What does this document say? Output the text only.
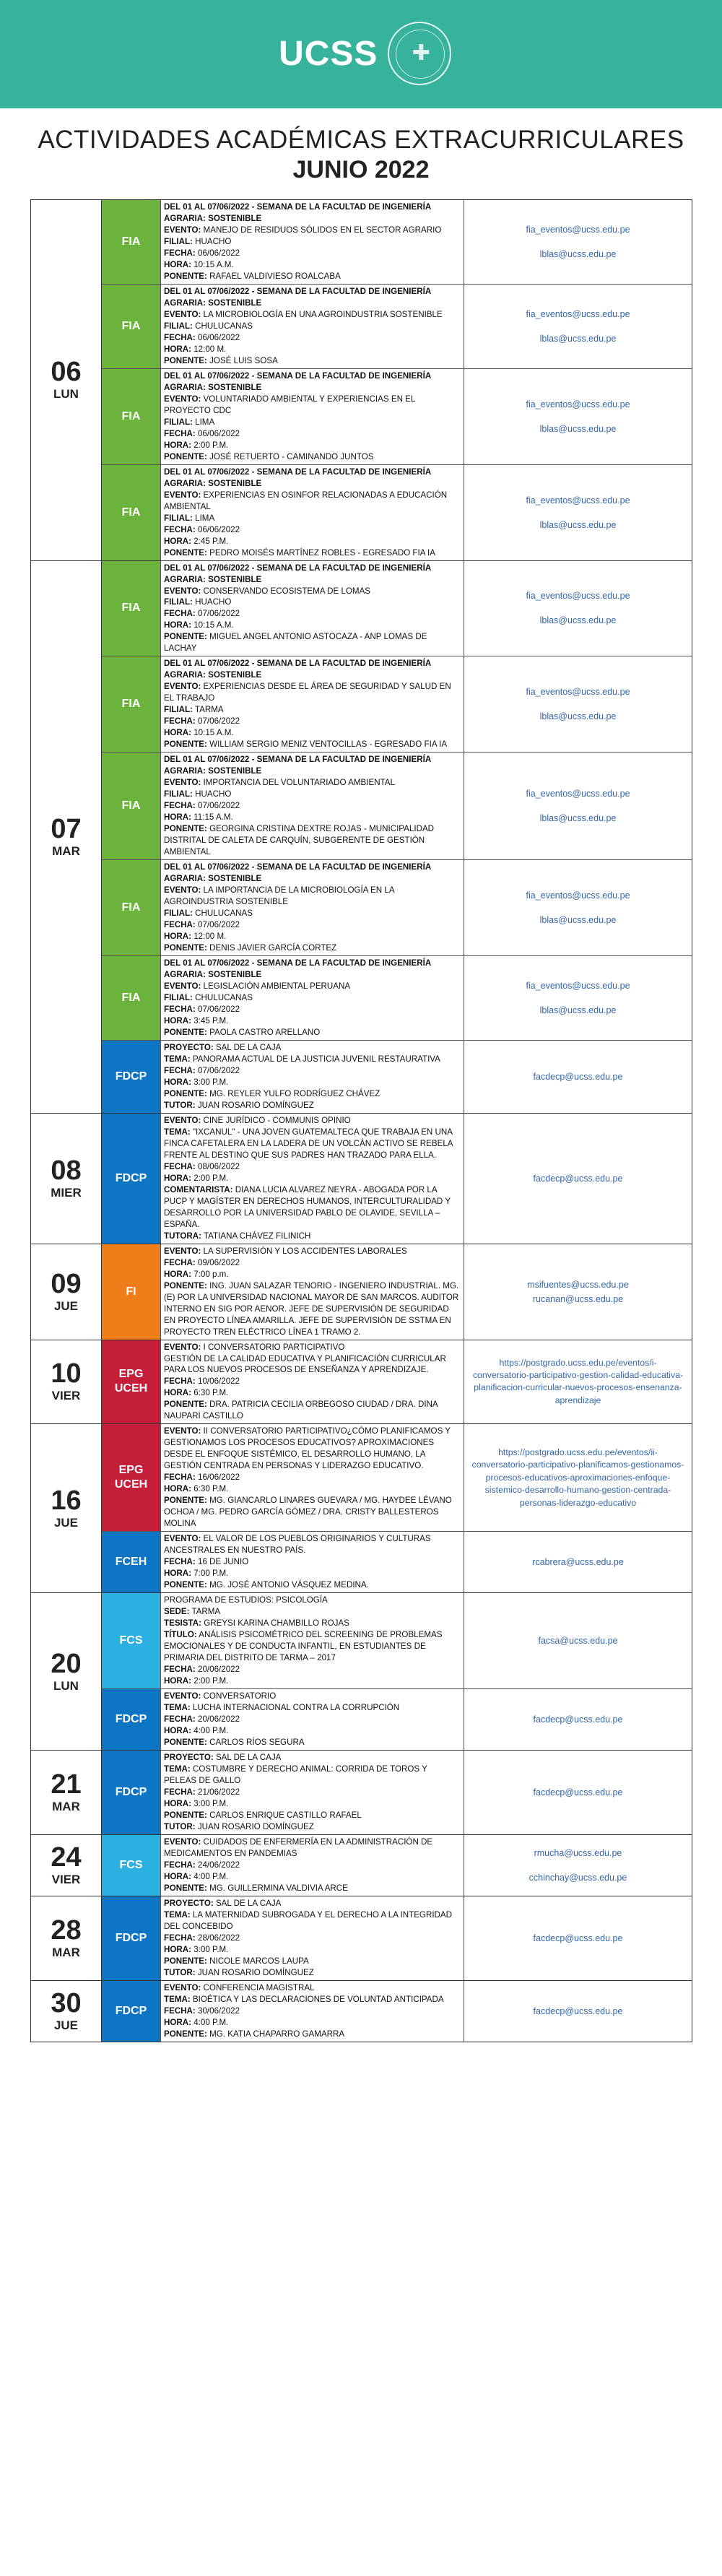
UCSS
✚
ACTIVIDADES ACADÉMICAS EXTRACURRICULARES
JUNIO 2022
06
LUN
FIA
DEL 01 AL 07/06/2022 - SEMANA DE LA FACULTAD DE INGENIERÍA AGRARIA: SOSTENIBLE
EVENTO: MANEJO DE RESIDUOS SÓLIDOS EN EL SECTOR AGRARIO
FILIAL: HUACHO
FECHA: 06/06/2022
HORA: 10:15 A.M.
PONENTE: RAFAEL VALDIVIESO ROALCABA
fia_eventos@ucss.edu.pe
lblas@ucss.edu.pe
FIA
DEL 01 AL 07/06/2022 - SEMANA DE LA FACULTAD DE INGENIERÍA AGRARIA: SOSTENIBLE
EVENTO: LA MICROBIOLOGÍA EN UNA AGROINDUSTRIA SOSTENIBLE
FILIAL: CHULUCANAS
FECHA: 06/06/2022
HORA: 12:00 M.
PONENTE: JOSÉ LUIS SOSA
fia_eventos@ucss.edu.pe
lblas@ucss.edu.pe
FIA
DEL 01 AL 07/06/2022 - SEMANA DE LA FACULTAD DE INGENIERÍA AGRARIA: SOSTENIBLE
EVENTO: VOLUNTARIADO AMBIENTAL Y EXPERIENCIAS EN EL PROYECTO CDC
FILIAL: LIMA
FECHA: 06/06/2022
HORA: 2:00 P.M.
PONENTE: JOSÉ RETUERTO - CAMINANDO JUNTOS
fia_eventos@ucss.edu.pe
lblas@ucss.edu.pe
FIA
DEL 01 AL 07/06/2022 - SEMANA DE LA FACULTAD DE INGENIERÍA AGRARIA: SOSTENIBLE
EVENTO: EXPERIENCIAS EN OSINFOR RELACIONADAS A EDUCACIÓN AMBIENTAL
FILIAL: LIMA
FECHA: 06/06/2022
HORA: 2:45 P.M.
PONENTE: PEDRO MOISÉS MARTÍNEZ ROBLES - EGRESADO FIA IA
fia_eventos@ucss.edu.pe
lblas@ucss.edu.pe
07
MAR
FIA
DEL 01 AL 07/06/2022 - SEMANA DE LA FACULTAD DE INGENIERÍA AGRARIA: SOSTENIBLE
EVENTO: CONSERVANDO ECOSISTEMA DE LOMAS
FILIAL: HUACHO
FECHA: 07/06/2022
HORA: 10:15 A.M.
PONENTE: MIGUEL ANGEL ANTONIO ASTOCAZA - ANP LOMAS DE LACHAY
fia_eventos@ucss.edu.pe
lblas@ucss.edu.pe
FIA
DEL 01 AL 07/06/2022 - SEMANA DE LA FACULTAD DE INGENIERÍA AGRARIA: SOSTENIBLE
EVENTO: EXPERIENCIAS DESDE EL ÁREA DE SEGURIDAD Y SALUD EN EL TRABAJO
FILIAL: TARMA
FECHA: 07/06/2022
HORA: 10:15 A.M.
PONENTE: WILLIAM SERGIO MENIZ VENTOCILLAS - EGRESADO FIA IA
fia_eventos@ucss.edu.pe
lblas@ucss.edu.pe
FIA
DEL 01 AL 07/06/2022 - SEMANA DE LA FACULTAD DE INGENIERÍA AGRARIA: SOSTENIBLE
EVENTO: IMPORTANCIA DEL VOLUNTARIADO AMBIENTAL
FILIAL: HUACHO
FECHA: 07/06/2022
HORA: 11:15 A.M.
PONENTE: GEORGINA CRISTINA DEXTRE ROJAS - MUNICIPALIDAD DISTRITAL DE CALETA DE CARQUÍN, SUBGERENTE DE GESTIÓN AMBIENTAL
fia_eventos@ucss.edu.pe
lblas@ucss.edu.pe
FIA
DEL 01 AL 07/06/2022 - SEMANA DE LA FACULTAD DE INGENIERÍA AGRARIA: SOSTENIBLE
EVENTO: LA IMPORTANCIA DE LA MICROBIOLOGÍA EN LA AGROINDUSTRIA SOSTENIBLE
FILIAL: CHULUCANAS
FECHA: 07/06/2022
HORA: 12:00 M.
PONENTE: DENIS JAVIER GARCÍA CORTEZ
fia_eventos@ucss.edu.pe
lblas@ucss.edu.pe
FIA
DEL 01 AL 07/06/2022 - SEMANA DE LA FACULTAD DE INGENIERÍA AGRARIA: SOSTENIBLE
EVENTO: LEGISLACIÓN AMBIENTAL PERUANA
FILIAL: CHULUCANAS
FECHA: 07/06/2022
HORA: 3:45 P.M.
PONENTE: PAOLA CASTRO ARELLANO
fia_eventos@ucss.edu.pe
lblas@ucss.edu.pe
FDCP
PROYECTO: SAL DE LA CAJA
TEMA: PANORAMA ACTUAL DE LA JUSTICIA JUVENIL RESTAURATIVA
FECHA: 07/06/2022
HORA: 3:00 P.M.
PONENTE: MG. REYLER YULFO RODRÍGUEZ CHÁVEZ
TUTOR: JUAN ROSARIO DOMÍNGUEZ
facdecp@ucss.edu.pe
08
MIER
FDCP
EVENTO: CINE JURÍDICO - COMMUNIS OPINIO
TEMA: "IXCANUL" - UNA JOVEN GUATEMALTECA QUE TRABAJA EN UNA FINCA CAFETALERA EN LA LADERA DE UN VOLCÁN ACTIVO SE REBELA FRENTE AL DESTINO QUE SUS PADRES HAN TRAZADO PARA ELLA.
FECHA: 08/06/2022
HORA: 2:00 P.M.
COMENTARISTA: DIANA LUCIA ALVAREZ NEYRA - ABOGADA POR LA PUCP Y MAGÍSTER EN DERECHOS HUMANOS, INTERCULTURALIDAD Y DESARROLLO POR LA UNIVERSIDAD PABLO DE OLAVIDE, SEVILLA – ESPAÑA.
TUTORA: TATIANA CHÁVEZ FILINICH
facdecp@ucss.edu.pe
09
JUE
FI
EVENTO: LA SUPERVISIÓN Y LOS ACCIDENTES LABORALES
FECHA: 09/06/2022
HORA: 7:00 p.m.
PONENTE: ING. JUAN SALAZAR TENORIO - INGENIERO INDUSTRIAL. MG.(E) POR LA UNIVERSIDAD NACIONAL MAYOR DE SAN MARCOS. AUDITOR INTERNO EN SIG POR AENOR. JEFE DE SUPERVISIÓN DE SEGURIDAD EN PROYECTO LÍNEA AMARILLA. JEFE DE SUPERVISIÓN DE SSTMA EN PROYECTO TREN ELÉCTRICO LÍNEA 1 TRAMO 2.
msifuentes@ucss.edu.pe
rucanan@ucss.edu.pe
10
VIER
EPG
UCEH
EVENTO: I CONVERSATORIO PARTICIPATIVO
GESTIÓN DE LA CALIDAD EDUCATIVA Y PLANIFICACIÓN CURRICULAR PARA LOS NUEVOS PROCESOS DE ENSEÑANZA Y APRENDIZAJE.
FECHA: 10/06/2022
HORA: 6:30 P.M.
PONENTE: DRA. PATRICIA CECILIA ORBEGOSO CIUDAD / DRA. DINA NAUPARI CASTILLO
https://postgrado.ucss.edu.pe/eventos/i-conversatorio-participativo-gestion-calidad-educativa-planificacion-curricular-nuevos-procesos-ensenanza-aprendizaje
16
JUE
EPG
UCEH
EVENTO: II CONVERSATORIO PARTICIPATIVO¿CÓMO PLANIFICAMOS Y GESTIONAMOS LOS PROCESOS EDUCATIVOS? APROXIMACIONES DESDE EL ENFOQUE SISTÉMICO, EL DESARROLLO HUMANO, LA GESTIÓN CENTRADA EN PERSONAS Y LIDERAZGO EDUCATIVO.
FECHA: 16/06/2022
HORA: 6:30 P.M.
PONENTE: MG. GIANCARLO LINARES GUEVARA / MG. HAYDEE LÉVANO OCHOA / MG. PEDRO GARCÍA GÓMEZ / DRA. CRISTY BALLESTEROS MOLINA
https://postgrado.ucss.edu.pe/eventos/ii-conversatorio-participativo-planificamos-gestionamos-procesos-educativos-aproximaciones-enfoque-sistemico-desarrollo-humano-gestion-centrada-personas-liderazgo-educativo
FCEH
EVENTO: EL VALOR DE LOS PUEBLOS ORIGINARIOS Y CULTURAS ANCESTRALES EN NUESTRO PAÍS.
FECHA: 16 DE JUNIO
HORA: 7:00 P.M.
PONENTE: MG. JOSÉ ANTONIO VÁSQUEZ MEDINA.
rcabrera@ucss.edu.pe
20
LUN
FCS
PROGRAMA DE ESTUDIOS: PSICOLOGÍA
SEDE: TARMA
TESISTA: GREYSI KARINA CHAMBILLO ROJAS
TÍTULO: ANÁLISIS PSICOMÉTRICO DEL SCREENING DE PROBLEMAS EMOCIONALES Y DE CONDUCTA INFANTIL, EN ESTUDIANTES DE PRIMARIA DEL DISTRITO DE TARMA – 2017
FECHA: 20/06/2022
HORA: 2:00 P.M.
facsa@ucss.edu.pe
FDCP
EVENTO: CONVERSATORIO
TEMA: LUCHA INTERNACIONAL CONTRA LA CORRUPCIÓN
FECHA: 20/06/2022
HORA: 4:00 P.M.
PONENTE: CARLOS RÍOS SEGURA
facdecp@ucss.edu.pe
21
MAR
FDCP
PROYECTO: SAL DE LA CAJA
TEMA: COSTUMBRE Y DERECHO ANIMAL: CORRIDA DE TOROS Y PELEAS DE GALLO
FECHA: 21/06/2022
HORA: 3:00 P.M.
PONENTE: CARLOS ENRIQUE CASTILLO RAFAEL
TUTOR: JUAN ROSARIO DOMÍNGUEZ
facdecp@ucss.edu.pe
24
VIER
FCS
EVENTO: CUIDADOS DE ENFERMERÍA EN LA ADMINISTRACIÓN DE MEDICAMENTOS EN PANDEMIAS
FECHA: 24/06/2022
HORA: 4:00 P.M.
PONENTE: MG. GUILLERMINA VALDIVIA ARCE
rmucha@ucss.edu.pe
cchinchay@ucss.edu.pe
28
MAR
FDCP
PROYECTO: SAL DE LA CAJA
TEMA: LA MATERNIDAD SUBROGADA Y EL DERECHO A LA INTEGRIDAD DEL CONCEBIDO
FECHA: 28/06/2022
HORA: 3:00 P.M.
PONENTE: NICOLE MARCOS LAUPA
TUTOR: JUAN ROSARIO DOMÍNGUEZ
facdecp@ucss.edu.pe
30
JUE
FDCP
EVENTO: CONFERENCIA MAGISTRAL
TEMA: BIOÉTICA Y LAS DECLARACIONES DE VOLUNTAD ANTICIPADA
FECHA: 30/06/2022
HORA: 4:00 P.M.
PONENTE: MG. KATIA CHAPARRO GAMARRA
facdecp@ucss.edu.pe
